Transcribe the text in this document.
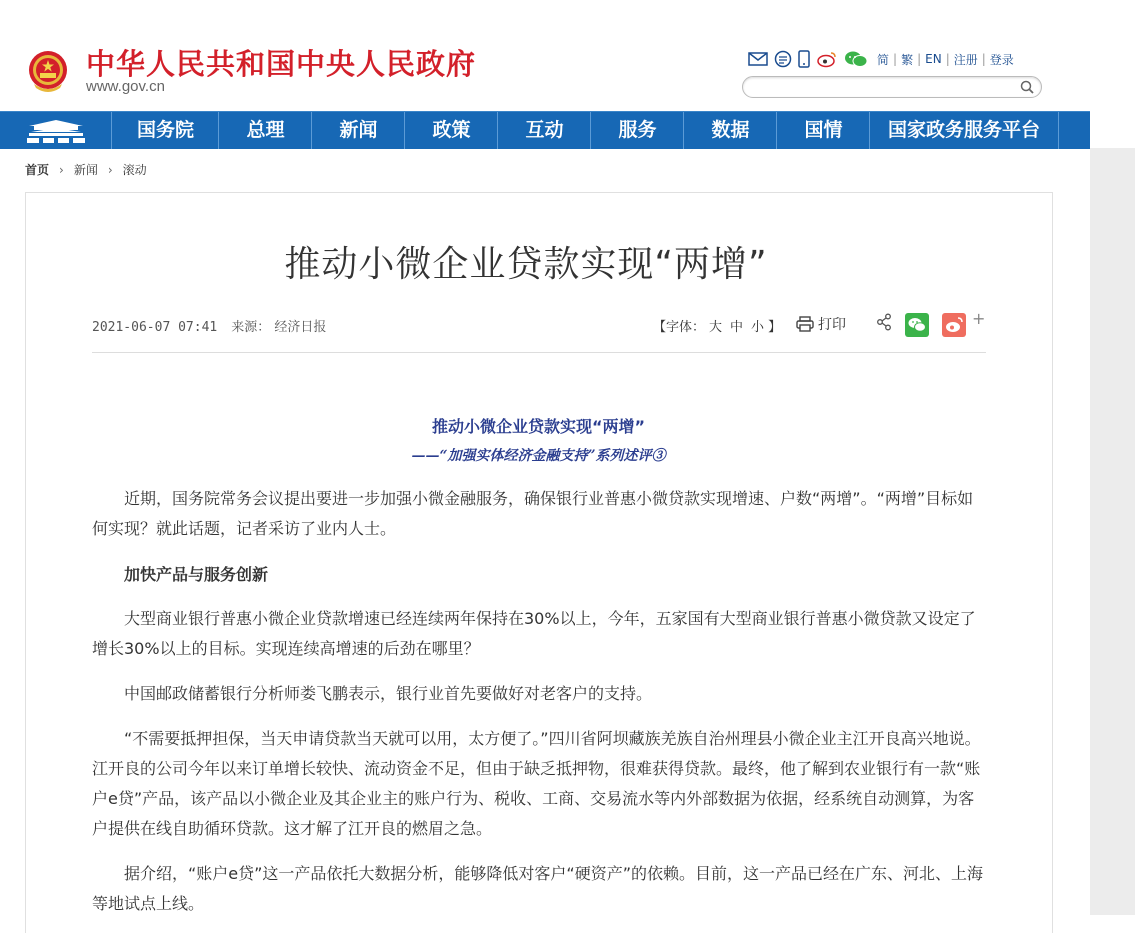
中华人民共和国中央人民政府
www.gov.cn
简 | 繁 | EN | 注册 | 登录
国务院	总理	新闻	政策	互动	服务	数据	国情	国家政务服务平台
首页 › 新闻 › 滚动
推动小微企业贷款实现“两增”
2021-06-07 07:41 来源： 经济日报	【字体： 大 中 小 】	打印	+
推动小微企业贷款实现“两增”
——“加强实体经济金融支持”系列述评③
近期，国务院常务会议提出要进一步加强小微金融服务，确保银行业普惠小微贷款实现增速、户数“两增”。“两增”目标如何实现？就此话题，记者采访了业内人士。
加快产品与服务创新
大型商业银行普惠小微企业贷款增速已经连续两年保持在30%以上，今年，五家国有大型商业银行普惠小微贷款又设定了增长30%以上的目标。实现连续高增速的后劲在哪里？
中国邮政储蓄银行分析师娄飞鹏表示，银行业首先要做好对老客户的支持。
“不需要抵押担保，当天申请贷款当天就可以用，太方便了。”四川省阿坝藏族羌族自治州理县小微企业主江开良高兴地说。江开良的公司今年以来订单增长较快、流动资金不足，但由于缺乏抵押物，很难获得贷款。最终，他了解到农业银行有一款“账户e贷”产品，该产品以小微企业及其企业主的账户行为、税收、工商、交易流水等内外部数据为依据，经系统自动测算，为客户提供在线自助循环贷款。这才解了江开良的燃眉之急。
据介绍，“账户e贷”这一产品依托大数据分析，能够降低对客户“硬资产”的依赖。目前，这一产品已经在广东、河北、上海等地试点上线。
